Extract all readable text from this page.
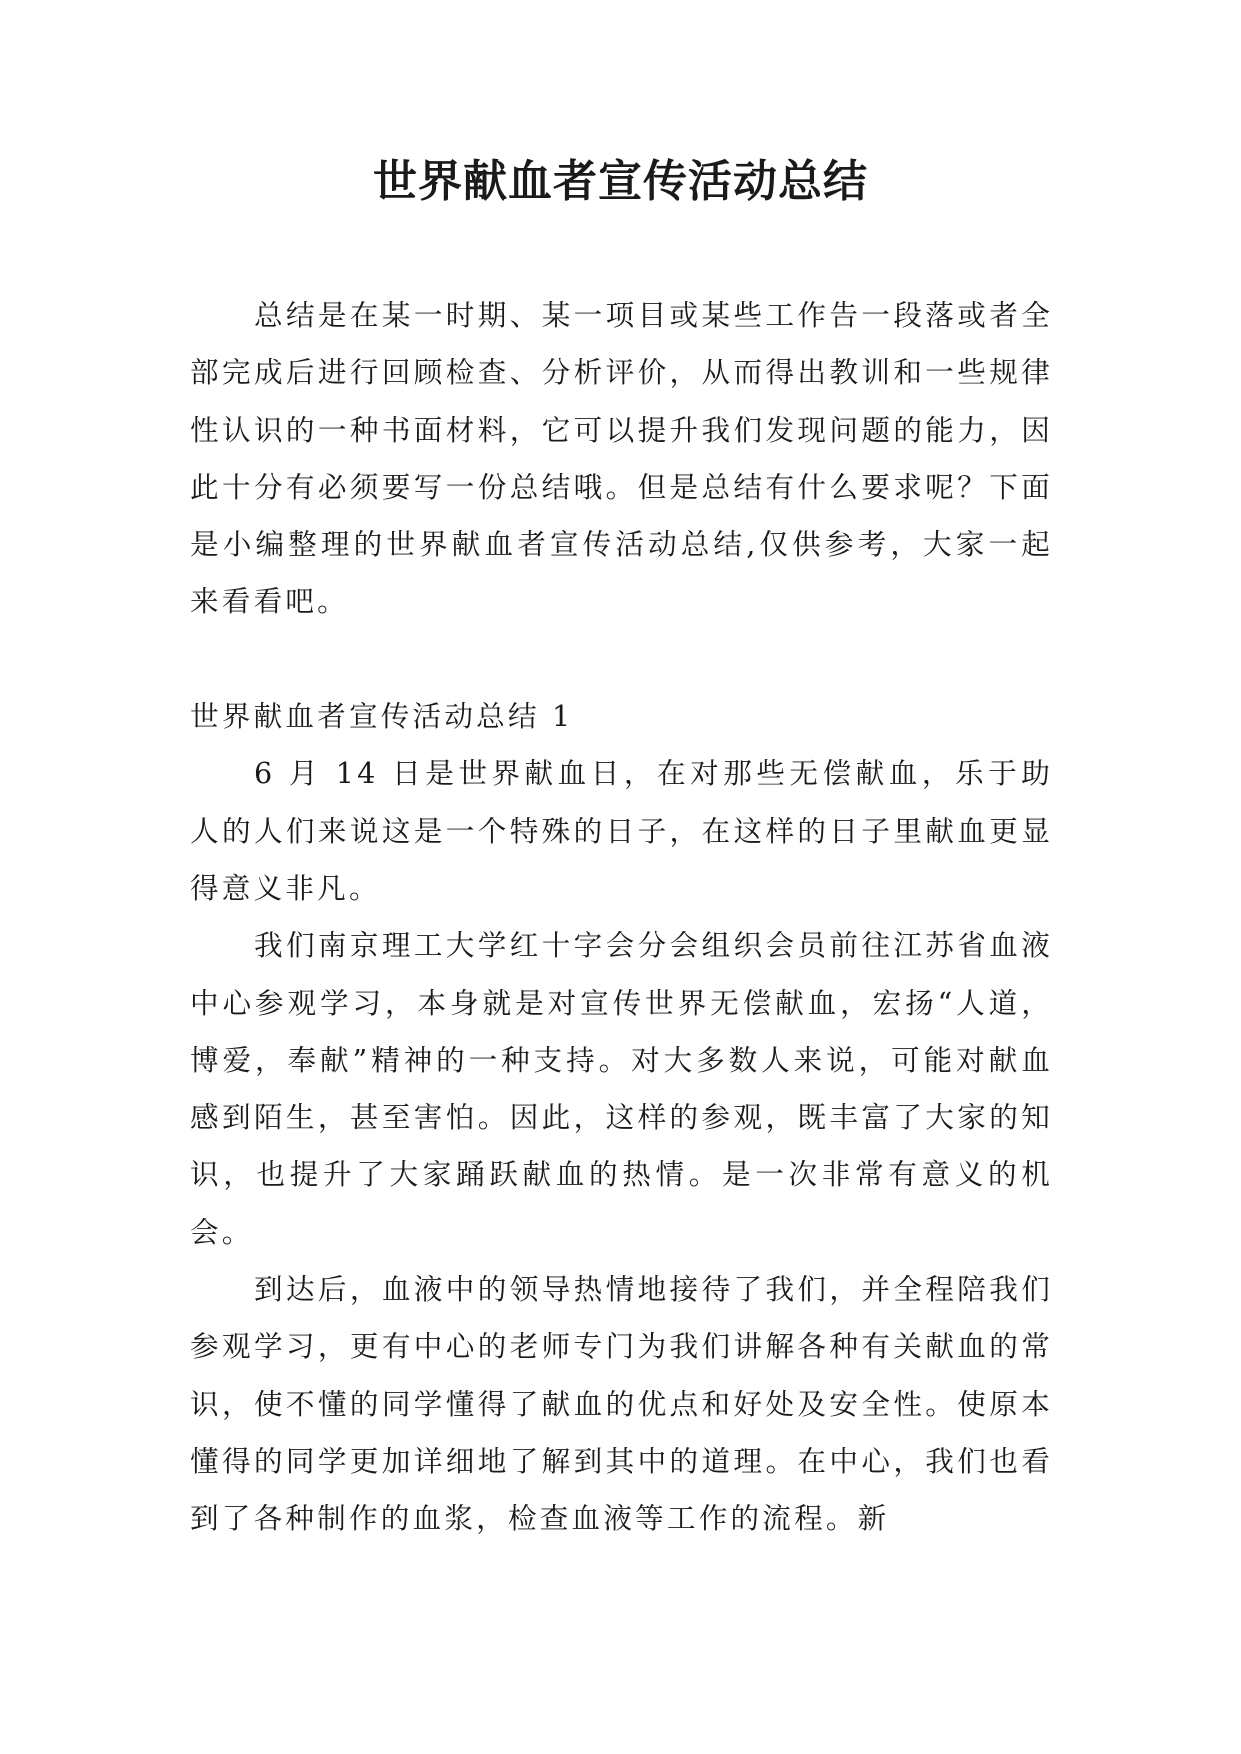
世界献血者宣传活动总结

总结是在某一时期、某一项目或某些工作告一段落或者全部完成后进行回顾检查、分析评价，从而得出教训和一些规律性认识的一种书面材料，它可以提升我们发现问题的能力，因此十分有必须要写一份总结哦。但是总结有什么要求呢？下面是小编整理的世界献血者宣传活动总结,仅供参考，大家一起来看看吧。

世界献血者宣传活动总结 1

6 月 14 日是世界献血日，在对那些无偿献血，乐于助人的人们来说这是一个特殊的日子，在这样的日子里献血更显得意义非凡。

我们南京理工大学红十字会分会组织会员前往江苏省血液中心参观学习，本身就是对宣传世界无偿献血，宏扬“人道，博爱，奉献”精神的一种支持。对大多数人来说，可能对献血感到陌生，甚至害怕。因此，这样的参观，既丰富了大家的知识，也提升了大家踊跃献血的热情。是一次非常有意义的机会。

到达后，血液中的领导热情地接待了我们，并全程陪我们参观学习，更有中心的老师专门为我们讲解各种有关献血的常识，使不懂的同学懂得了献血的优点和好处及安全性。使原本懂得的同学更加详细地了解到其中的道理。在中心，我们也看到了各种制作的血浆，检查血液等工作的流程。新
